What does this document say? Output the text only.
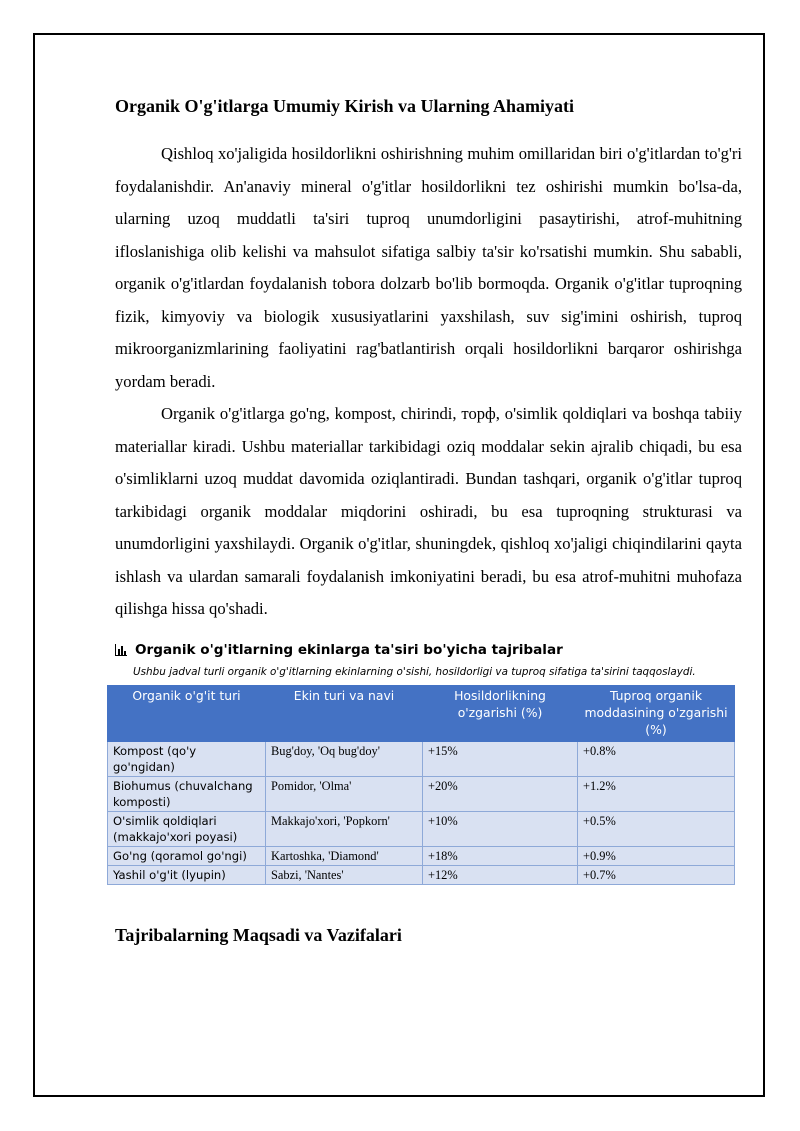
Organik O'g'itlarga Umumiy Kirish va Ularning Ahamiyati

Qishloq xo'jaligida hosildorlikni oshirishning muhim omillaridan biri o'g'itlardan to'g'ri foydalanishdir. An'anaviy mineral o'g'itlar hosildorlikni tez oshirishi mumkin bo'lsa-da, ularning uzoq muddatli ta'siri tuproq unumdorligini pasaytirishi, atrof-muhitning ifloslanishiga olib kelishi va mahsulot sifatiga salbiy ta'sir ko'rsatishi mumkin. Shu sababli, organik o'g'itlardan foydalanish tobora dolzarb bo'lib bormoqda. Organik o'g'itlar tuproqning fizik, kimyoviy va biologik xususiyatlarini yaxshilash, suv sig'imini oshirish, tuproq mikroorganizmlarining faoliyatini rag'batlantirish orqali hosildorlikni barqaror oshirishga yordam beradi.

Organik o'g'itlarga go'ng, kompost, chirindi, торф, o'simlik qoldiqlari va boshqa tabiiy materiallar kiradi. Ushbu materiallar tarkibidagi oziq moddalar sekin ajralib chiqadi, bu esa o'simliklarni uzoq muddat davomida oziqlantiradi. Bundan tashqari, organik o'g'itlar tuproq tarkibidagi organik moddalar miqdorini oshiradi, bu esa tuproqning strukturasi va unumdorligini yaxshilaydi. Organik o'g'itlar, shuningdek, qishloq xo'jaligi chiqindilarini qayta ishlash va ulardan samarali foydalanish imkoniyatini beradi, bu esa atrof-muhitni muhofaza qilishga hissa qo'shadi.

Organik o'g'itlarning ekinlarga ta'siri bo'yicha tajribalar
Ushbu jadval turli organik o'g'itlarning ekinlarning o'sishi, hosildorligi va tuproq sifatiga ta'sirini taqqoslaydi.
Organik o'g'it turi	Ekin turi va navi	Hosildorlikning o'zgarishi (%)	Tuproq organik moddasining o'zgarishi (%)
Kompost (qo'y go'ngidan)	Bug'doy, 'Oq bug'doy'	+15%	+0.8%
Biohumus (chuvalchang komposti)	Pomidor, 'Olma'	+20%	+1.2%
O'simlik qoldiqlari (makkajo'xori poyasi)	Makkajo'xori, 'Popkorn'	+10%	+0.5%
Go'ng (qoramol go'ngi)	Kartoshka, 'Diamond'	+18%	+0.9%
Yashil o'g'it (lyupin)	Sabzi, 'Nantes'	+12%	+0.7%
Tajribalarning Maqsadi va Vazifalari
